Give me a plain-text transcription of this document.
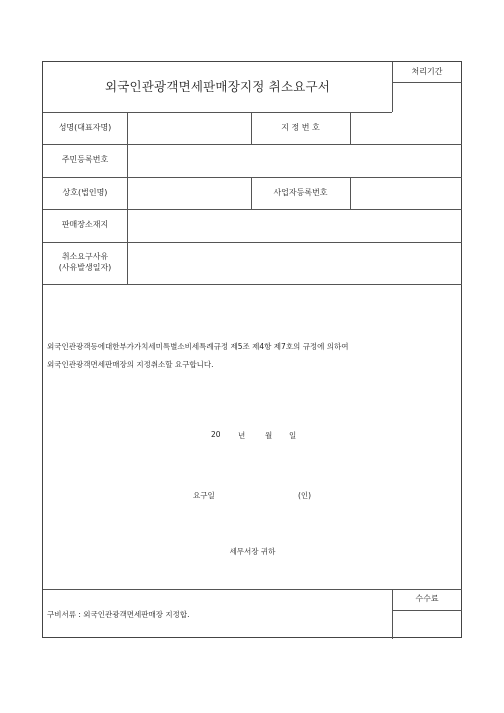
외국인관광객면세판매장지정 취소요구서
처리기간
성명(대표자명)	지 정 번 호
주민등록번호
상호(법인명)	사업자등록번호
판매장소재지
취소요구사유
(사유발생일자)
외국인관광객등에대한부가가치세미특별소비세특례규정 제5조 제4항 제7호의 규정에 의하여
외국인관광객면세판매장의 지정취소할 요구합니다.
20 년	월 일
요구일	(인)
세무서장 귀하
구비서류 : 외국인관광객면세판매장 지정합.
수수료
